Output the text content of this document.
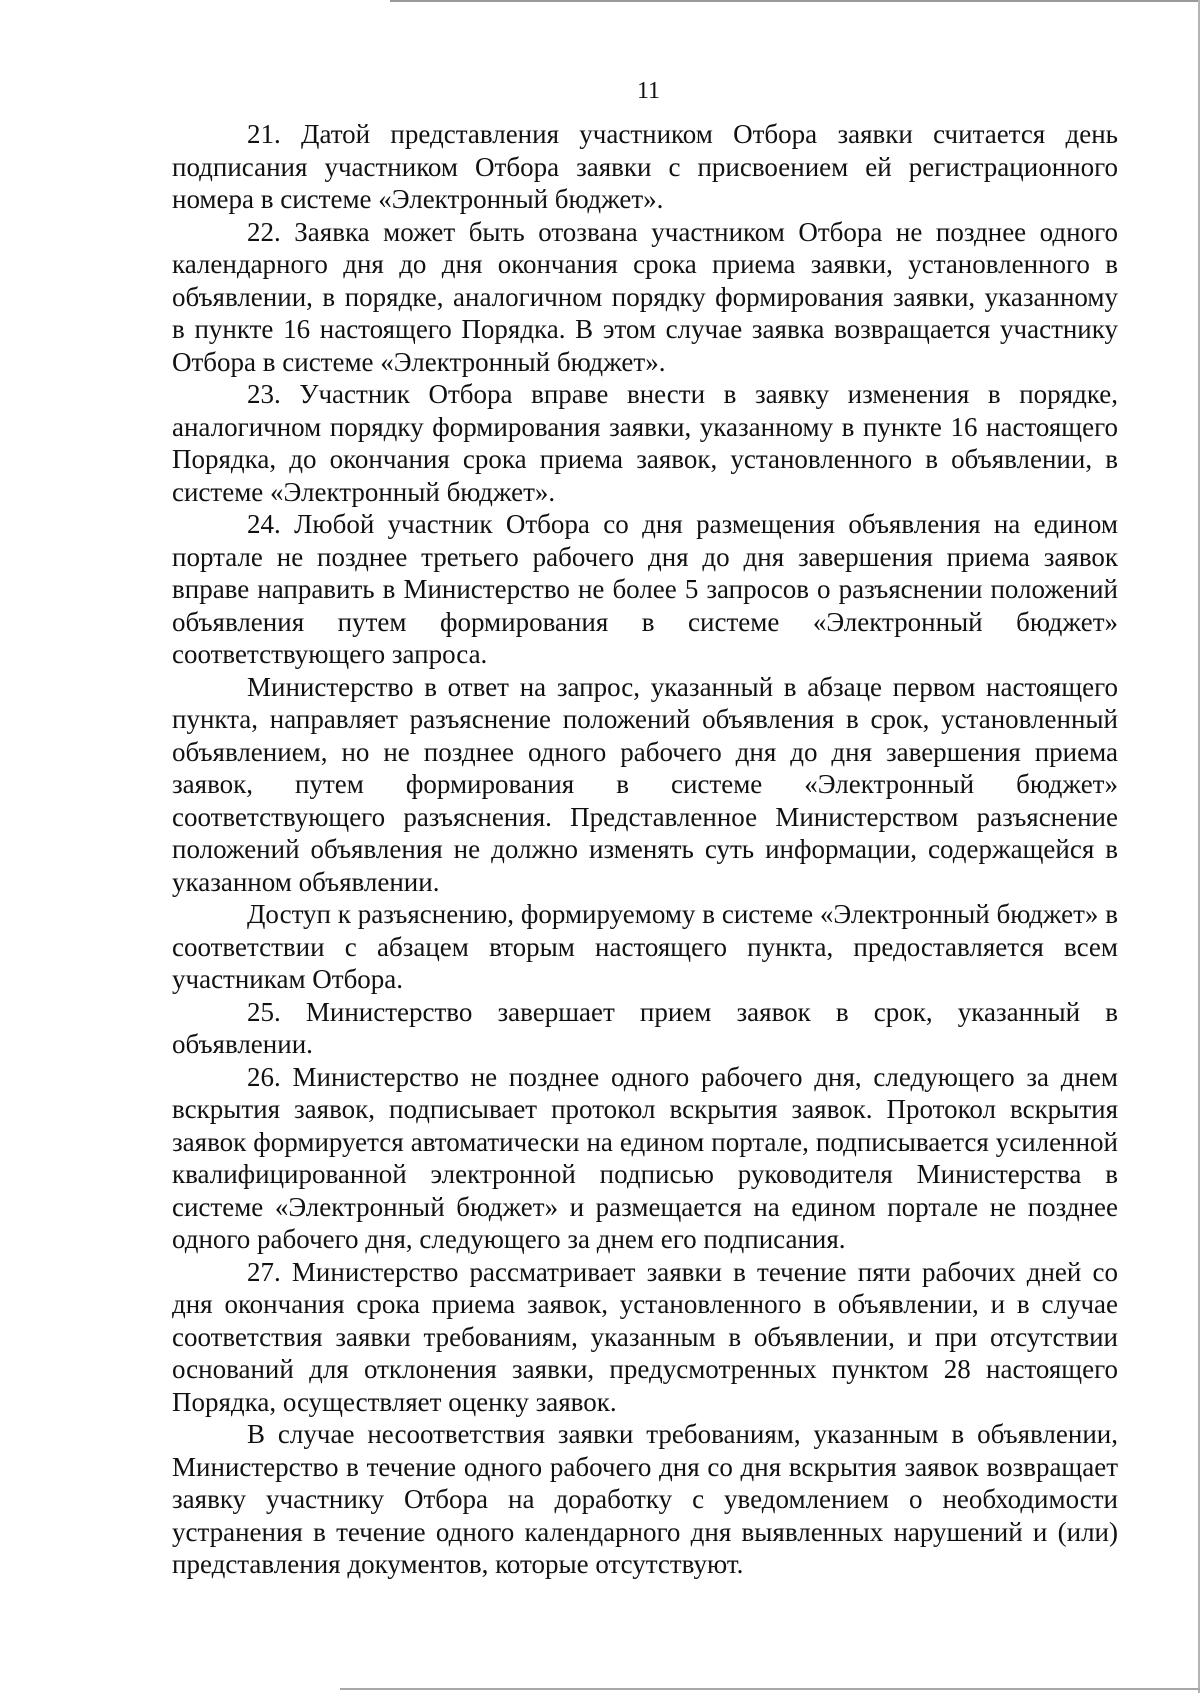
11

21. Датой представления участником Отбора заявки считается день подписания участником Отбора заявки с присвоением ей регистрационного номера в системе «Электронный бюджет».

22. Заявка может быть отозвана участником Отбора не позднее одного календарного дня до дня окончания срока приема заявки, установленного в объявлении, в порядке, аналогичном порядку формирования заявки, указанному в пункте 16 настоящего Порядка. В этом случае заявка возвращается участнику Отбора в системе «Электронный бюджет».

23. Участник Отбора вправе внести в заявку изменения в порядке, аналогичном порядку формирования заявки, указанному в пункте 16 настоящего Порядка, до окончания срока приема заявок, установленного в объявлении, в системе «Электронный бюджет».

24. Любой участник Отбора со дня размещения объявления на едином портале не позднее третьего рабочего дня до дня завершения приема заявок вправе направить в Министерство не более 5 запросов о разъяснении положений объявления путем формирования в системе «Электронный бюджет» соответствующего запроса.

Министерство в ответ на запрос, указанный в абзаце первом настоящего пункта, направляет разъяснение положений объявления в срок, установленный объявлением, но не позднее одного рабочего дня до дня завершения приема заявок, путем формирования в системе «Электронный бюджет» соответствующего разъяснения. Представленное Министерством разъяснение положений объявления не должно изменять суть информации, содержащейся в указанном объявлении.

Доступ к разъяснению, формируемому в системе «Электронный бюджет» в соответствии с абзацем вторым настоящего пункта, предоставляется всем участникам Отбора.

25. Министерство завершает прием заявок в срок, указанный в объявлении.

26. Министерство не позднее одного рабочего дня, следующего за днем вскрытия заявок, подписывает протокол вскрытия заявок. Протокол вскрытия заявок формируется автоматически на едином портале, подписывается усиленной квалифицированной электронной подписью руководителя Министерства в системе «Электронный бюджет» и размещается на едином портале не позднее одного рабочего дня, следующего за днем его подписания.

27. Министерство рассматривает заявки в течение пяти рабочих дней со дня окончания срока приема заявок, установленного в объявлении, и в случае соответствия заявки требованиям, указанным в объявлении, и при отсутствии оснований для отклонения заявки, предусмотренных пунктом 28 настоящего Порядка, осуществляет оценку заявок.

В случае несоответствия заявки требованиям, указанным в объявлении, Министерство в течение одного рабочего дня со дня вскрытия заявок возвращает заявку участнику Отбора на доработку с уведомлением о необходимости устранения в течение одного календарного дня выявленных нарушений и (или) представления документов, которые отсутствуют.
